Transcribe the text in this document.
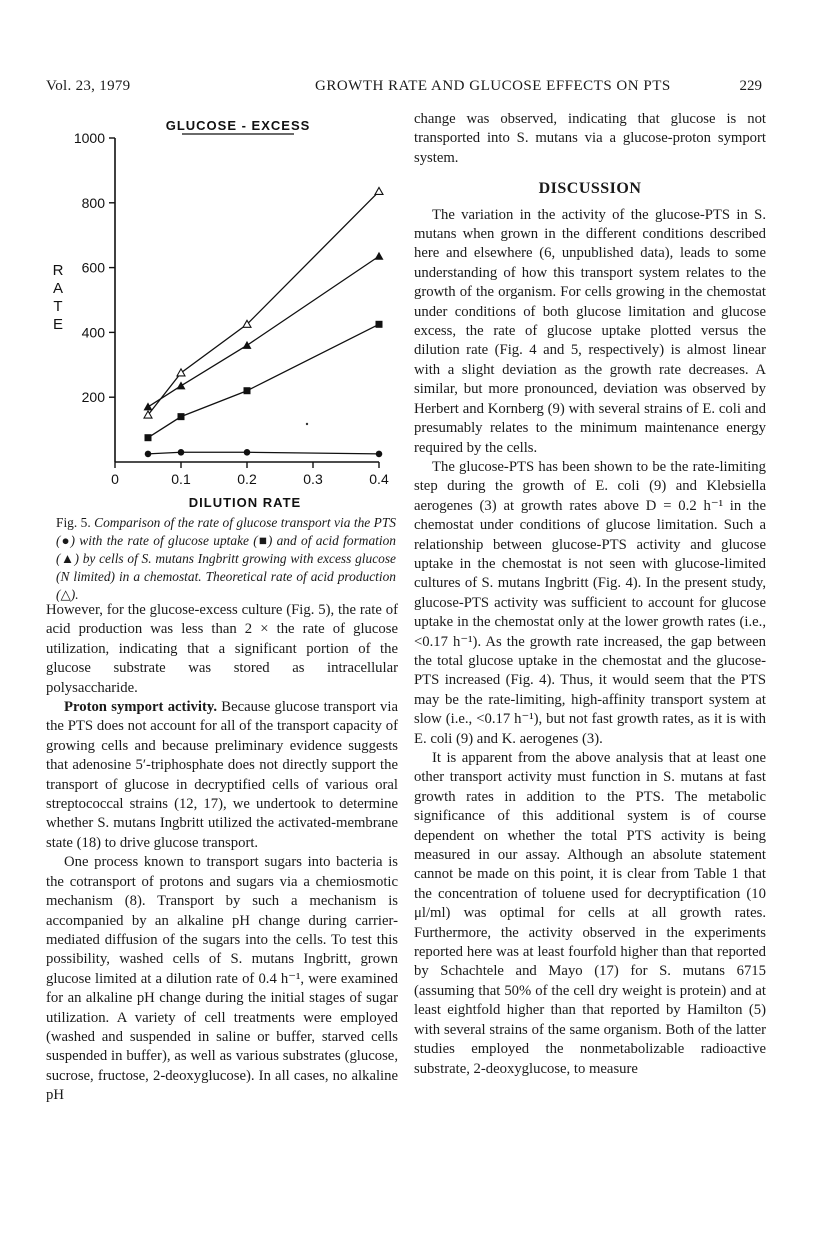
Vol. 23, 1979	GROWTH RATE AND GLUCOSE EFFECTS ON PTS	229
200
400
600
800
1000
0	0.1	0.2	0.3	0.4
GLUCOSE - EXCESS
R A T E
DILUTION RATE
Fig. 5. Comparison of the rate of glucose transport via the PTS (●) with the rate of glucose uptake (■) and of acid formation (▲) by cells of S. mutans Ingbritt growing with excess glucose (N limited) in a chemostat. Theoretical rate of acid production (△).

However, for the glucose-excess culture (Fig. 5), the rate of acid production was less than 2 × the rate of glucose utilization, indicating that a significant portion of the glucose substrate was stored as intracellular polysaccharide.

Proton symport activity. Because glucose transport via the PTS does not account for all of the transport capacity of growing cells and because preliminary evidence suggests that adenosine 5′-triphosphate does not directly support the transport of glucose in decryptified cells of various oral streptococcal strains (12, 17), we undertook to determine whether S. mutans Ingbritt utilized the activated-membrane state (18) to drive glucose transport.

One process known to transport sugars into bacteria is the cotransport of protons and sugars via a chemiosmotic mechanism (8). Transport by such a mechanism is accompanied by an alkaline pH change during carrier-mediated diffusion of the sugars into the cells. To test this possibility, washed cells of S. mutans Ingbritt, grown glucose limited at a dilution rate of 0.4 h⁻¹, were examined for an alkaline pH change during the initial stages of sugar utilization. A variety of cell treatments were employed (washed and suspended in saline or buffer, starved cells suspended in buffer), as well as various substrates (glucose, sucrose, fructose, 2-deoxyglucose). In all cases, no alkaline pH

change was observed, indicating that glucose is not transported into S. mutans via a glucose-proton symport system.

DISCUSSION

The variation in the activity of the glucose-PTS in S. mutans when grown in the different conditions described here and elsewhere (6, unpublished data), leads to some understanding of how this transport system relates to the growth of the organism. For cells growing in the chemostat under conditions of both glucose limitation and glucose excess, the rate of glucose uptake plotted versus the dilution rate (Fig. 4 and 5, respectively) is almost linear with a slight deviation as the growth rate decreases. A similar, but more pronounced, deviation was observed by Herbert and Kornberg (9) with several strains of E. coli and presumably relates to the minimum maintenance energy required by the cells.

The glucose-PTS has been shown to be the rate-limiting step during the growth of E. coli (9) and Klebsiella aerogenes (3) at growth rates above D = 0.2 h⁻¹ in the chemostat under conditions of glucose limitation. Such a relationship between glucose-PTS activity and glucose uptake in the chemostat is not seen with glucose-limited cultures of S. mutans Ingbritt (Fig. 4). In the present study, glucose-PTS activity was sufficient to account for glucose uptake in the chemostat only at the lower growth rates (i.e., <0.17 h⁻¹). As the growth rate increased, the gap between the total glucose uptake in the chemostat and the glucose-PTS increased (Fig. 4). Thus, it would seem that the PTS may be the rate-limiting, high-affinity transport system at slow (i.e., <0.17 h⁻¹), but not fast growth rates, as it is with E. coli (9) and K. aerogenes (3).

It is apparent from the above analysis that at least one other transport activity must function in S. mutans at fast growth rates in addition to the PTS. The metabolic significance of this additional system is of course dependent on whether the total PTS activity is being measured in our assay. Although an absolute statement cannot be made on this point, it is clear from Table 1 that the concentration of toluene used for decryptification (10 μl/ml) was optimal for cells at all growth rates. Furthermore, the activity observed in the experiments reported here was at least fourfold higher than that reported by Schachtele and Mayo (17) for S. mutans 6715 (assuming that 50% of the cell dry weight is protein) and at least eightfold higher than that reported by Hamilton (5) with several strains of the same organism. Both of the latter studies employed the nonmetabolizable radioactive substrate, 2-deoxyglucose, to measure
